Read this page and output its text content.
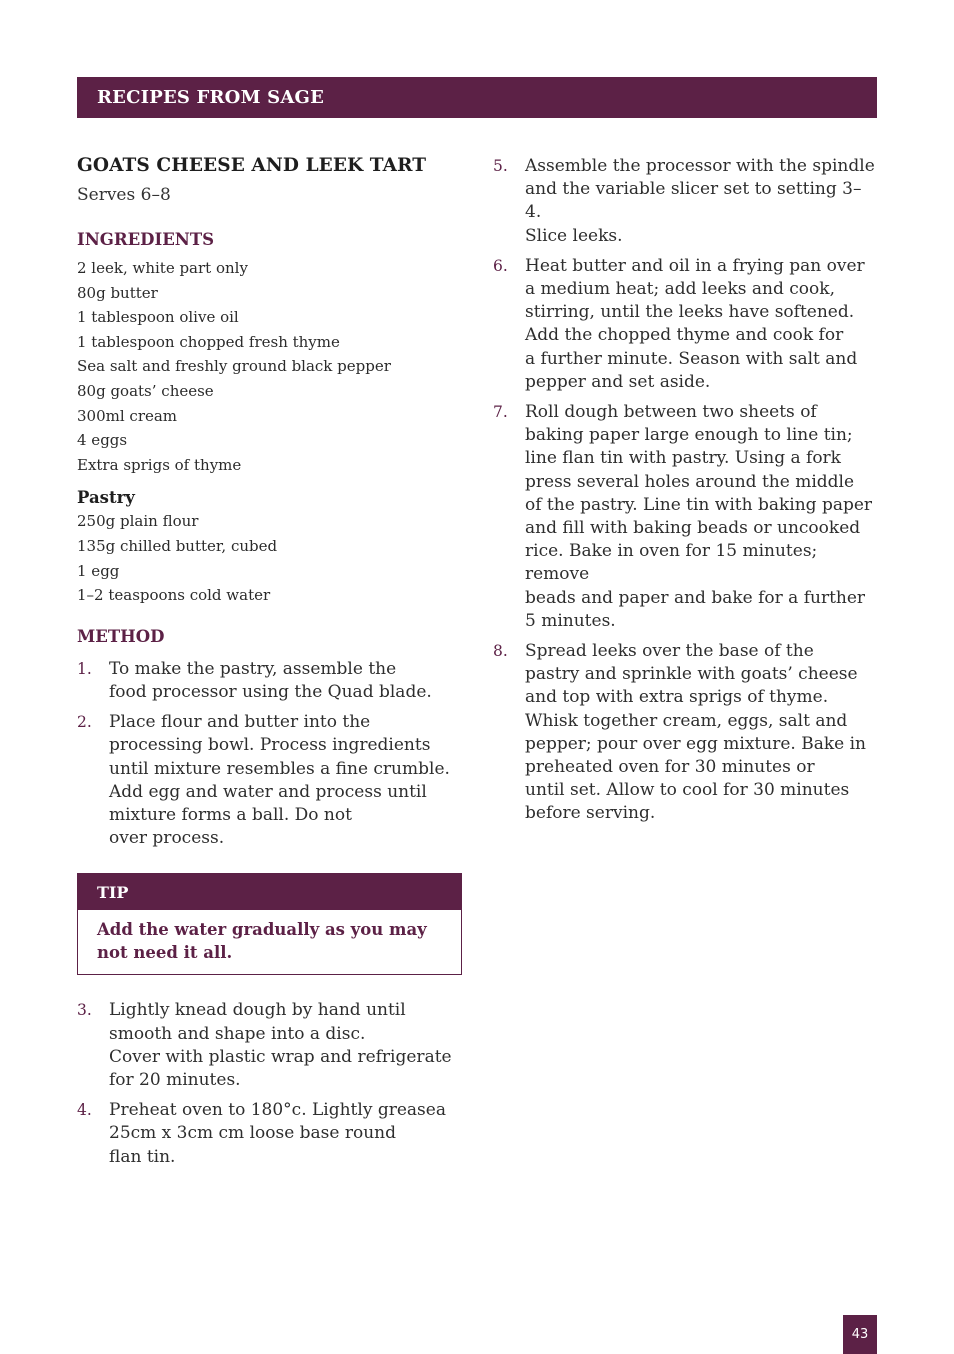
RECIPES FROM SAGE
GOATS CHEESE AND LEEK TART

Serves 6–8

INGREDIENTS
2 leek, white part only
80g butter
1 tablespoon olive oil
1 tablespoon chopped fresh thyme
Sea salt and freshly ground black pepper
80g goats’ cheese
300ml cream
4 eggs
Extra sprigs of thyme
Pastry
250g plain flour
135g chilled butter, cubed
1 egg
1–2 teaspoons cold water
METHOD
1.	To make the pastry, assemble the
food processor using the Quad blade.
2.	Place flour and butter into the
processing bowl. Process ingredients
until mixture resembles a fine crumble.
Add egg and water and process until
mixture forms a ball. Do not
over process.
TIP
Add the water gradually as you may
not need it all.
3.	Lightly knead dough by hand until
smooth and shape into a disc.
Cover with plastic wrap and refrigerate
for 20 minutes.
4.	Preheat oven to 180°c. Lightly greasea
25cm x 3cm cm loose base round
flan tin.
5.	Assemble the processor with the spindle
and the variable slicer set to setting 3–4.
Slice leeks.
6.	Heat butter and oil in a frying pan over
a medium heat; add leeks and cook,
stirring, until the leeks have softened.
Add the chopped thyme and cook for
a further minute. Season with salt and
pepper and set aside.
7.	Roll dough between two sheets of
baking paper large enough to line tin;
line flan tin with pastry. Using a fork
press several holes around the middle
of the pastry. Line tin with baking paper
and fill with baking beads or uncooked
rice. Bake in oven for 15 minutes; remove
beads and paper and bake for a further
5 minutes.
8.	Spread leeks over the base of the
pastry and sprinkle with goats’ cheese
and top with extra sprigs of thyme.
Whisk together cream, eggs, salt and
pepper; pour over egg mixture. Bake in
preheated oven for 30 minutes or
until set. Allow to cool for 30 minutes
before serving.
43
